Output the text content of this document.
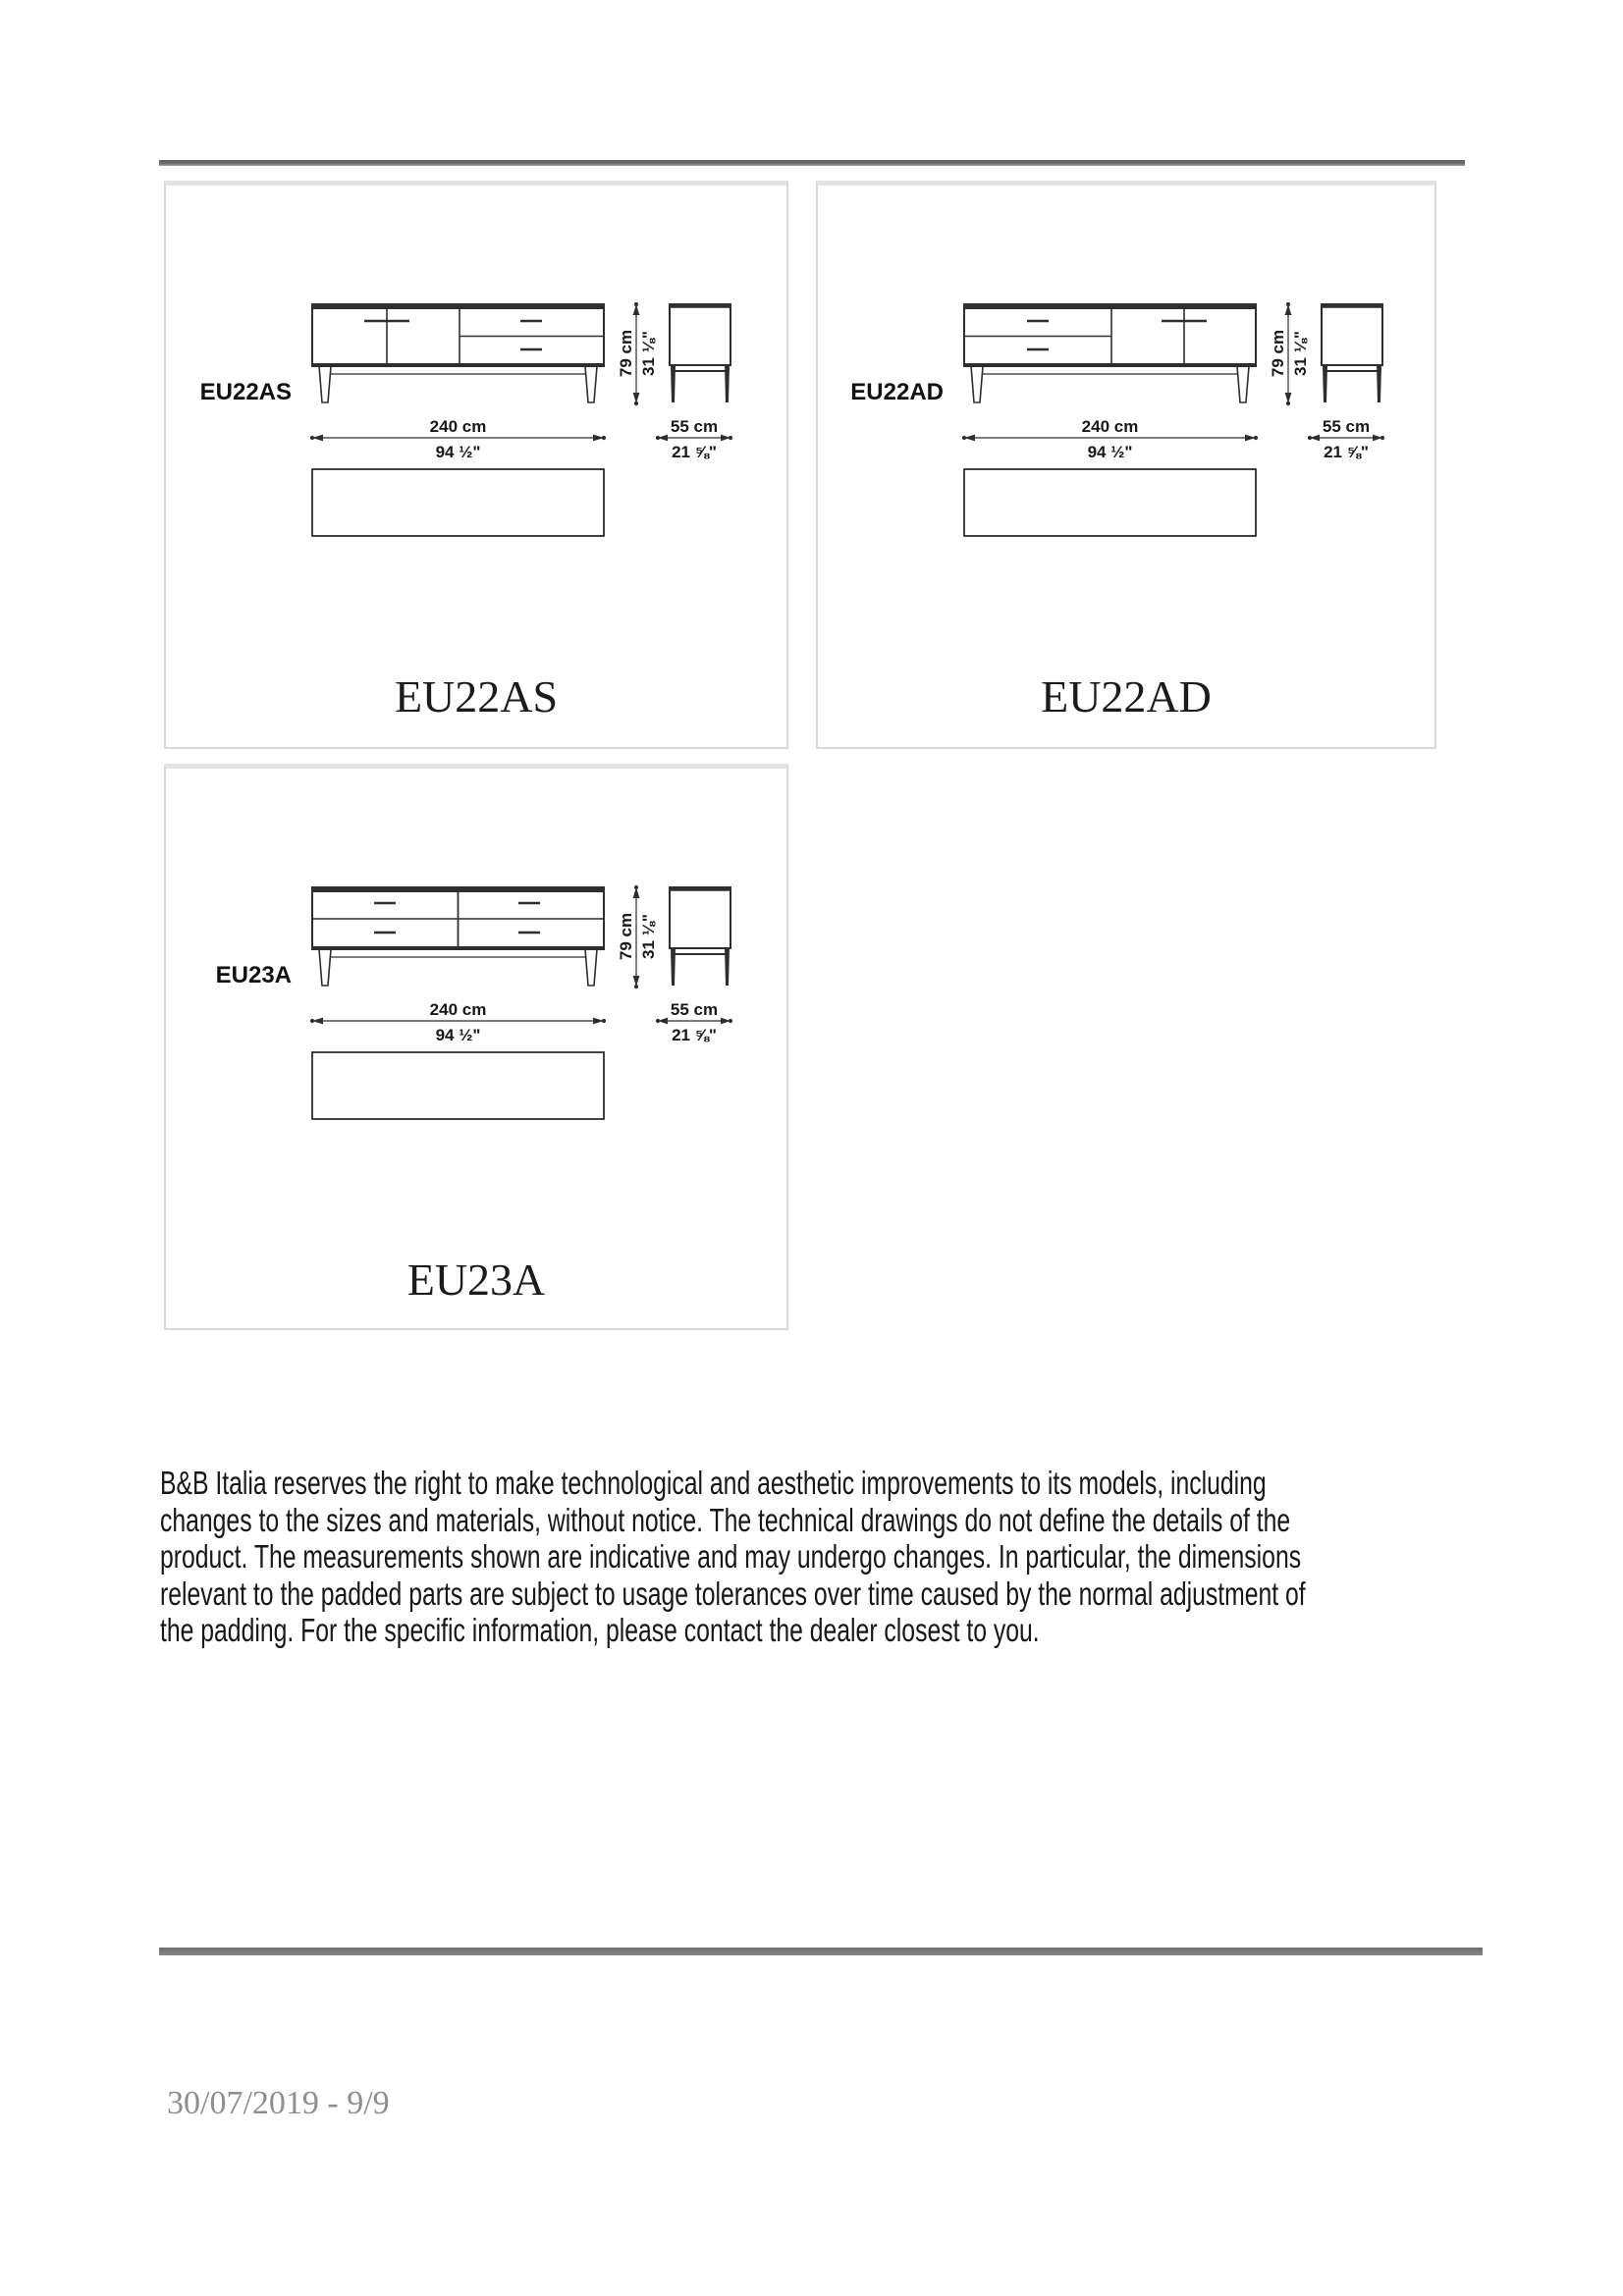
240 cm
94 ½"
55 cm
21 ⅝"
79 cm 31 ⅛"
EU22AS
EU22AS
240 cm
94 ½"
55 cm
21 ⅝"
79 cm 31 ⅛"
EU22AD
EU22AD
240 cm
94 ½"
55 cm
21 ⅝"
79 cm 31 ⅛"
EU23A
EU23A
B&B Italia reserves the right to make technological and aesthetic improvements to its models, including
changes to the sizes and materials, without notice. The technical drawings do not define the details of the
product. The measurements shown are indicative and may undergo changes. In particular, the dimensions
relevant to the padded parts are subject to usage tolerances over time caused by the normal adjustment of
the padding. For the specific information, please contact the dealer closest to you.
30/07/2019 - 9/9
